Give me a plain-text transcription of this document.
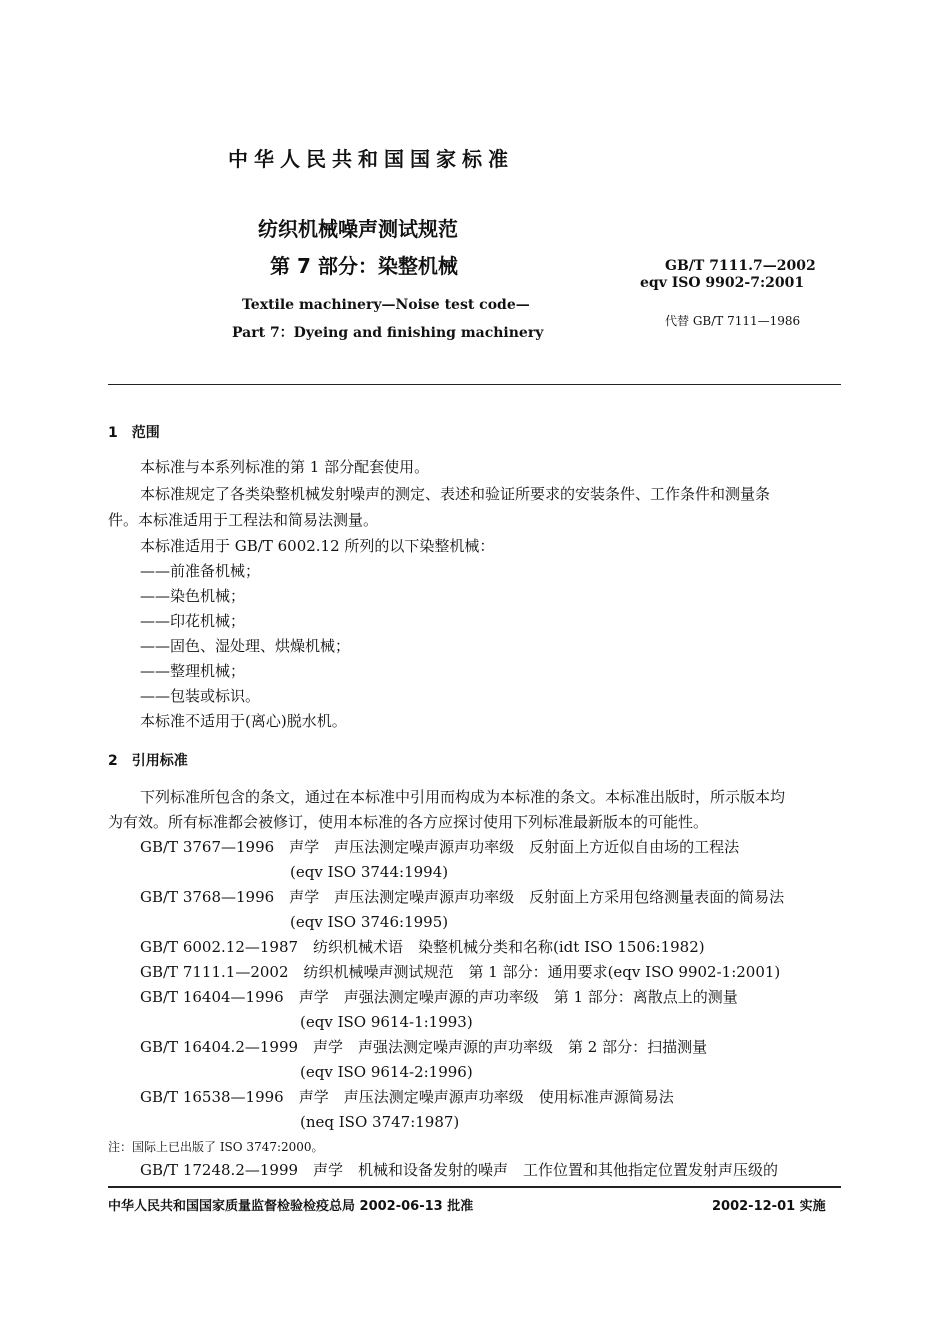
中华人民共和国国家标准
纺织机械噪声测试规范
第 7 部分：染整机械
Textile machinery—Noise test code—
Part 7：Dyeing and finishing machinery
GB/T 7111.7—2002
eqv ISO 9902-7:2001
代替 GB/T 7111—1986
1　范围
本标准与本系列标准的第 1 部分配套使用。
本标准规定了各类染整机械发射噪声的测定、表述和验证所要求的安装条件、工作条件和测量条
件。本标准适用于工程法和简易法测量。
本标准适用于 GB/T 6002.12 所列的以下染整机械：
——前准备机械；
——染色机械；
——印花机械；
——固色、湿处理、烘燥机械；
——整理机械；
——包装或标识。
本标准不适用于(离心)脱水机。
2　引用标准
下列标准所包含的条文，通过在本标准中引用而构成为本标准的条文。本标准出版时，所示版本均
为有效。所有标准都会被修订，使用本标准的各方应探讨使用下列标准最新版本的可能性。
GB/T 3767—1996　声学　声压法测定噪声源声功率级　反射面上方近似自由场的工程法
(eqv ISO 3744:1994)
GB/T 3768—1996　声学　声压法测定噪声源声功率级　反射面上方采用包络测量表面的简易法
(eqv ISO 3746:1995)
GB/T 6002.12—1987　纺织机械术语　染整机械分类和名称(idt ISO 1506:1982)
GB/T 7111.1—2002　纺织机械噪声测试规范　第 1 部分：通用要求(eqv ISO 9902-1:2001)
GB/T 16404—1996　声学　声强法测定噪声源的声功率级　第 1 部分：离散点上的测量
(eqv ISO 9614-1:1993)
GB/T 16404.2—1999　声学　声强法测定噪声源的声功率级　第 2 部分：扫描测量
(eqv ISO 9614-2:1996)
GB/T 16538—1996　声学　声压法测定噪声源声功率级　使用标准声源简易法
(neq ISO 3747:1987)
注：国际上已出版了 ISO 3747:2000。
GB/T 17248.2—1999　声学　机械和设备发射的噪声　工作位置和其他指定位置发射声压级的
中华人民共和国国家质量监督检验检疫总局 2002-06-13 批准	2002-12-01 实施
